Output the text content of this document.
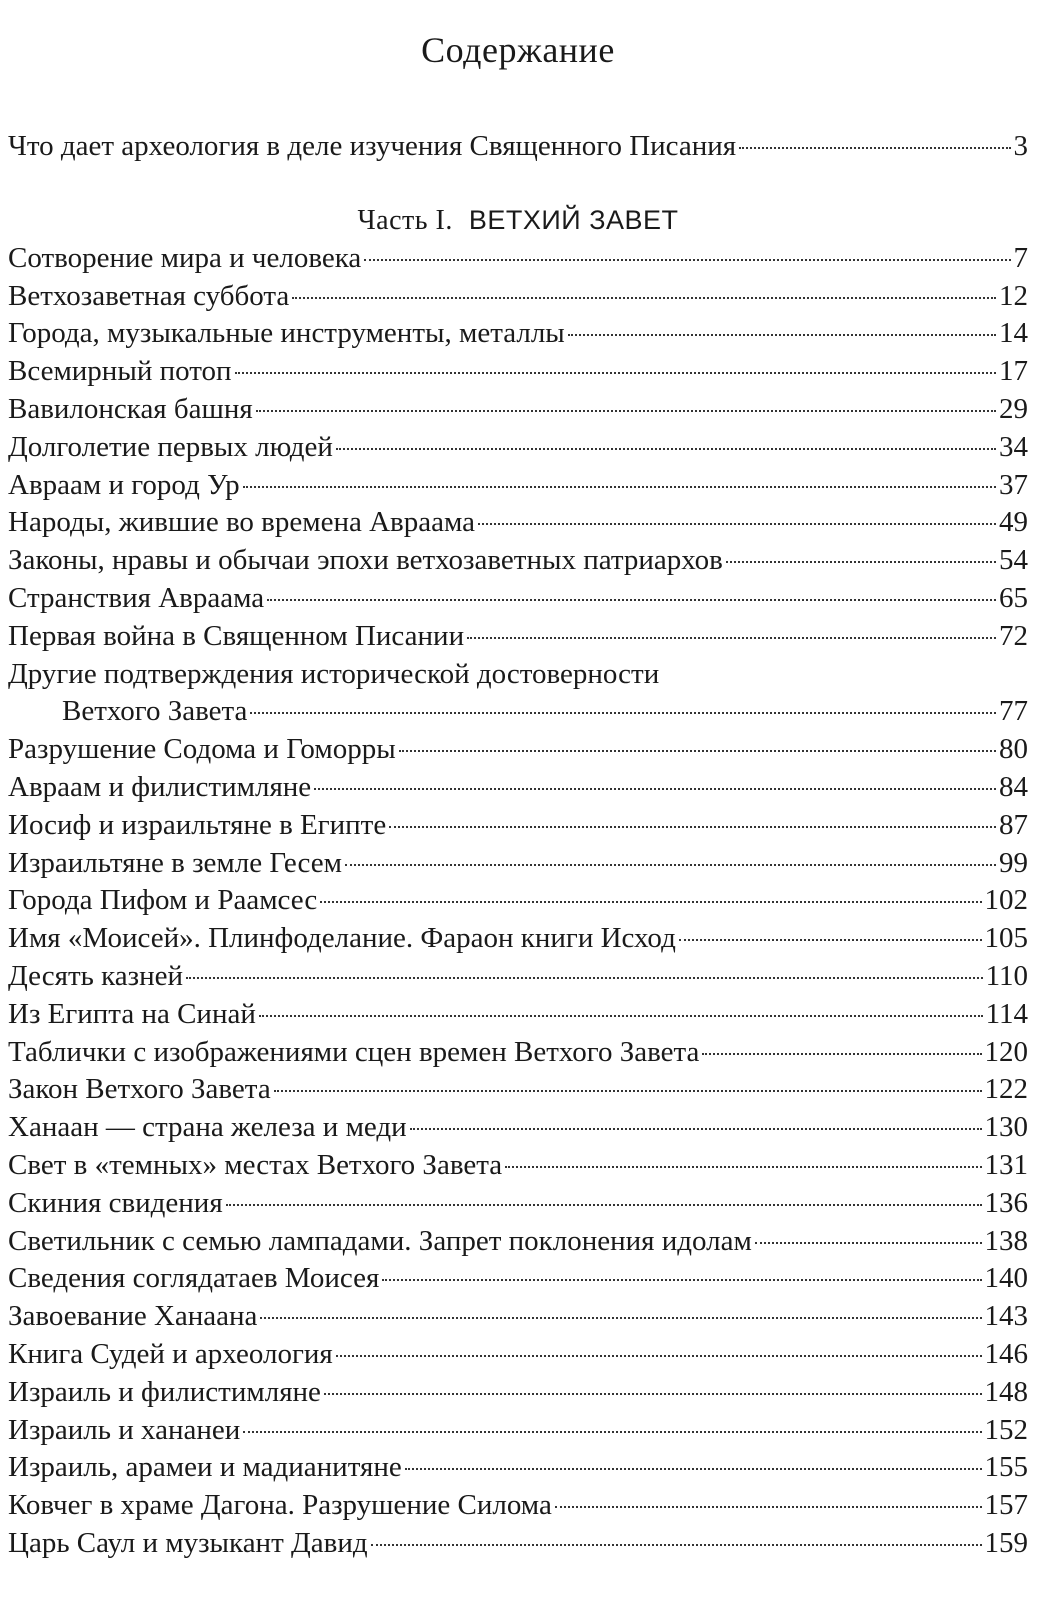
Содержание
Что дает археология в деле изучения Священного Писания	3
Часть I. ВЕТХИЙ ЗАВЕТ
Сотворение мира и человека	7
Ветхозаветная суббота	12
Города, музыкальные инструменты, металлы	14
Всемирный потоп	17
Вавилонская башня	29
Долголетие первых людей	34
Авраам и город Ур	37
Народы, жившие во времена Авраама	49
Законы, нравы и обычаи эпохи ветхозаветных патриархов	54
Странствия Авраама	65
Первая война в Священном Писании	72
Другие подтверждения исторической достоверности
Ветхого Завета	77
Разрушение Содома и Гоморры	80
Авраам и филистимляне	84
Иосиф и израильтяне в Египте	87
Израильтяне в земле Гесем	99
Города Пифом и Раамсес	102
Имя «Моисей». Плинфоделание. Фараон книги Исход	105
Десять казней	110
Из Египта на Синай	114
Таблички с изображениями сцен времен Ветхого Завета	120
Закон Ветхого Завета	122
Ханаан — страна железа и меди	130
Свет в «темных» местах Ветхого Завета	131
Скиния свидения	136
Светильник с семью лампадами. Запрет поклонения идолам	138
Сведения соглядатаев Моисея	140
Завоевание Ханаана	143
Книга Судей и археология	146
Израиль и филистимляне	148
Израиль и хананеи	152
Израиль, арамеи и мадианитяне	155
Ковчег в храме Дагона. Разрушение Силома	157
Царь Саул и музыкант Давид	159
